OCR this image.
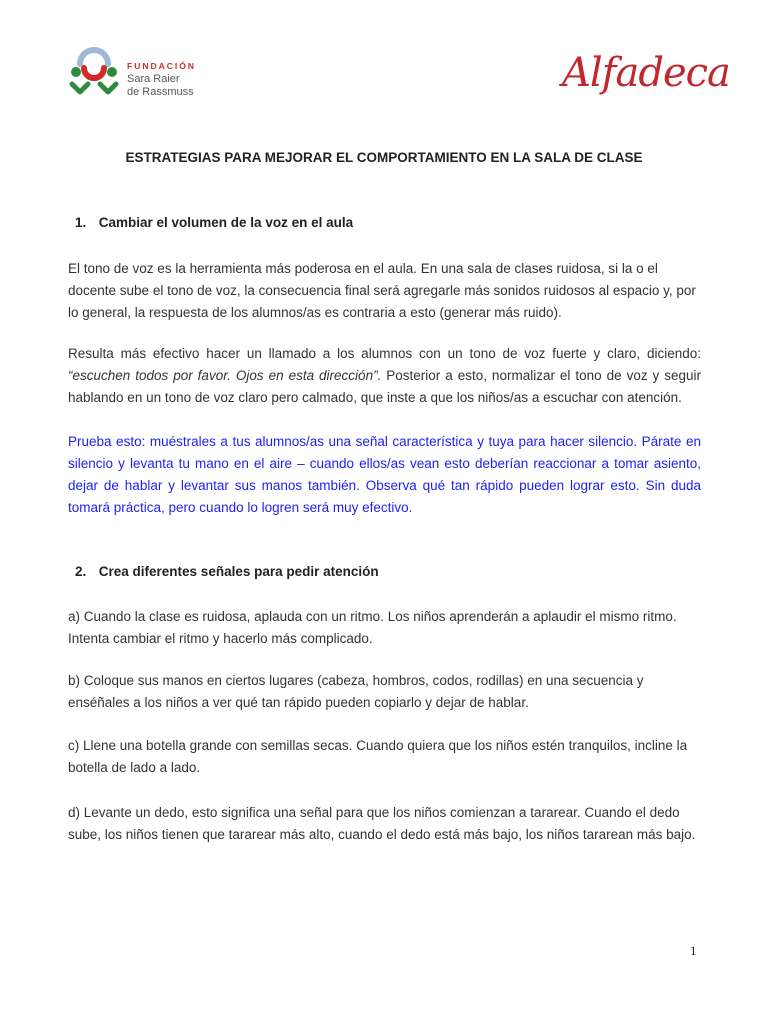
FUNDACIÓN
Sara Raier
de Rassmuss	Alfadeca
ESTRATEGIAS PARA MEJORAR EL COMPORTAMIENTO EN LA SALA DE CLASE
1. Cambiar el volumen de la voz en el aula
El tono de voz es la herramienta más poderosa en el aula. En una sala de clases ruidosa, si la o el docente sube el tono de voz, la consecuencia final será agregarle más sonidos ruidosos al espacio y, por lo general, la respuesta de los alumnos/as es contraria a esto (generar más ruido).
Resulta más efectivo hacer un llamado a los alumnos con un tono de voz fuerte y claro, diciendo: “escuchen todos por favor. Ojos en esta dirección”. Posterior a esto, normalizar el tono de voz y seguir hablando en un tono de voz claro pero calmado, que inste a que los niños/as a escuchar con atención.
Prueba esto: muéstrales a tus alumnos/as una señal característica y tuya para hacer silencio. Párate en silencio y levanta tu mano en el aire – cuando ellos/as vean esto deberían reaccionar a tomar asiento, dejar de hablar y levantar sus manos también. Observa qué tan rápido pueden lograr esto. Sin duda tomará práctica, pero cuando lo logren será muy efectivo.
2. Crea diferentes señales para pedir atención
a) Cuando la clase es ruidosa, aplauda con un ritmo. Los niños aprenderán a aplaudir el mismo ritmo. Intenta cambiar el ritmo y hacerlo más complicado.
b) Coloque sus manos en ciertos lugares (cabeza, hombros, codos, rodillas) en una secuencia y enséñales a los niños a ver qué tan rápido pueden copiarlo y dejar de hablar.
c) Llene una botella grande con semillas secas. Cuando quiera que los niños estén tranquilos, incline la botella de lado a lado.
d) Levante un dedo, esto significa una señal para que los niños comienzan a tararear. Cuando el dedo sube, los niños tienen que tararear más alto, cuando el dedo está más bajo, los niños tararean más bajo.
1
